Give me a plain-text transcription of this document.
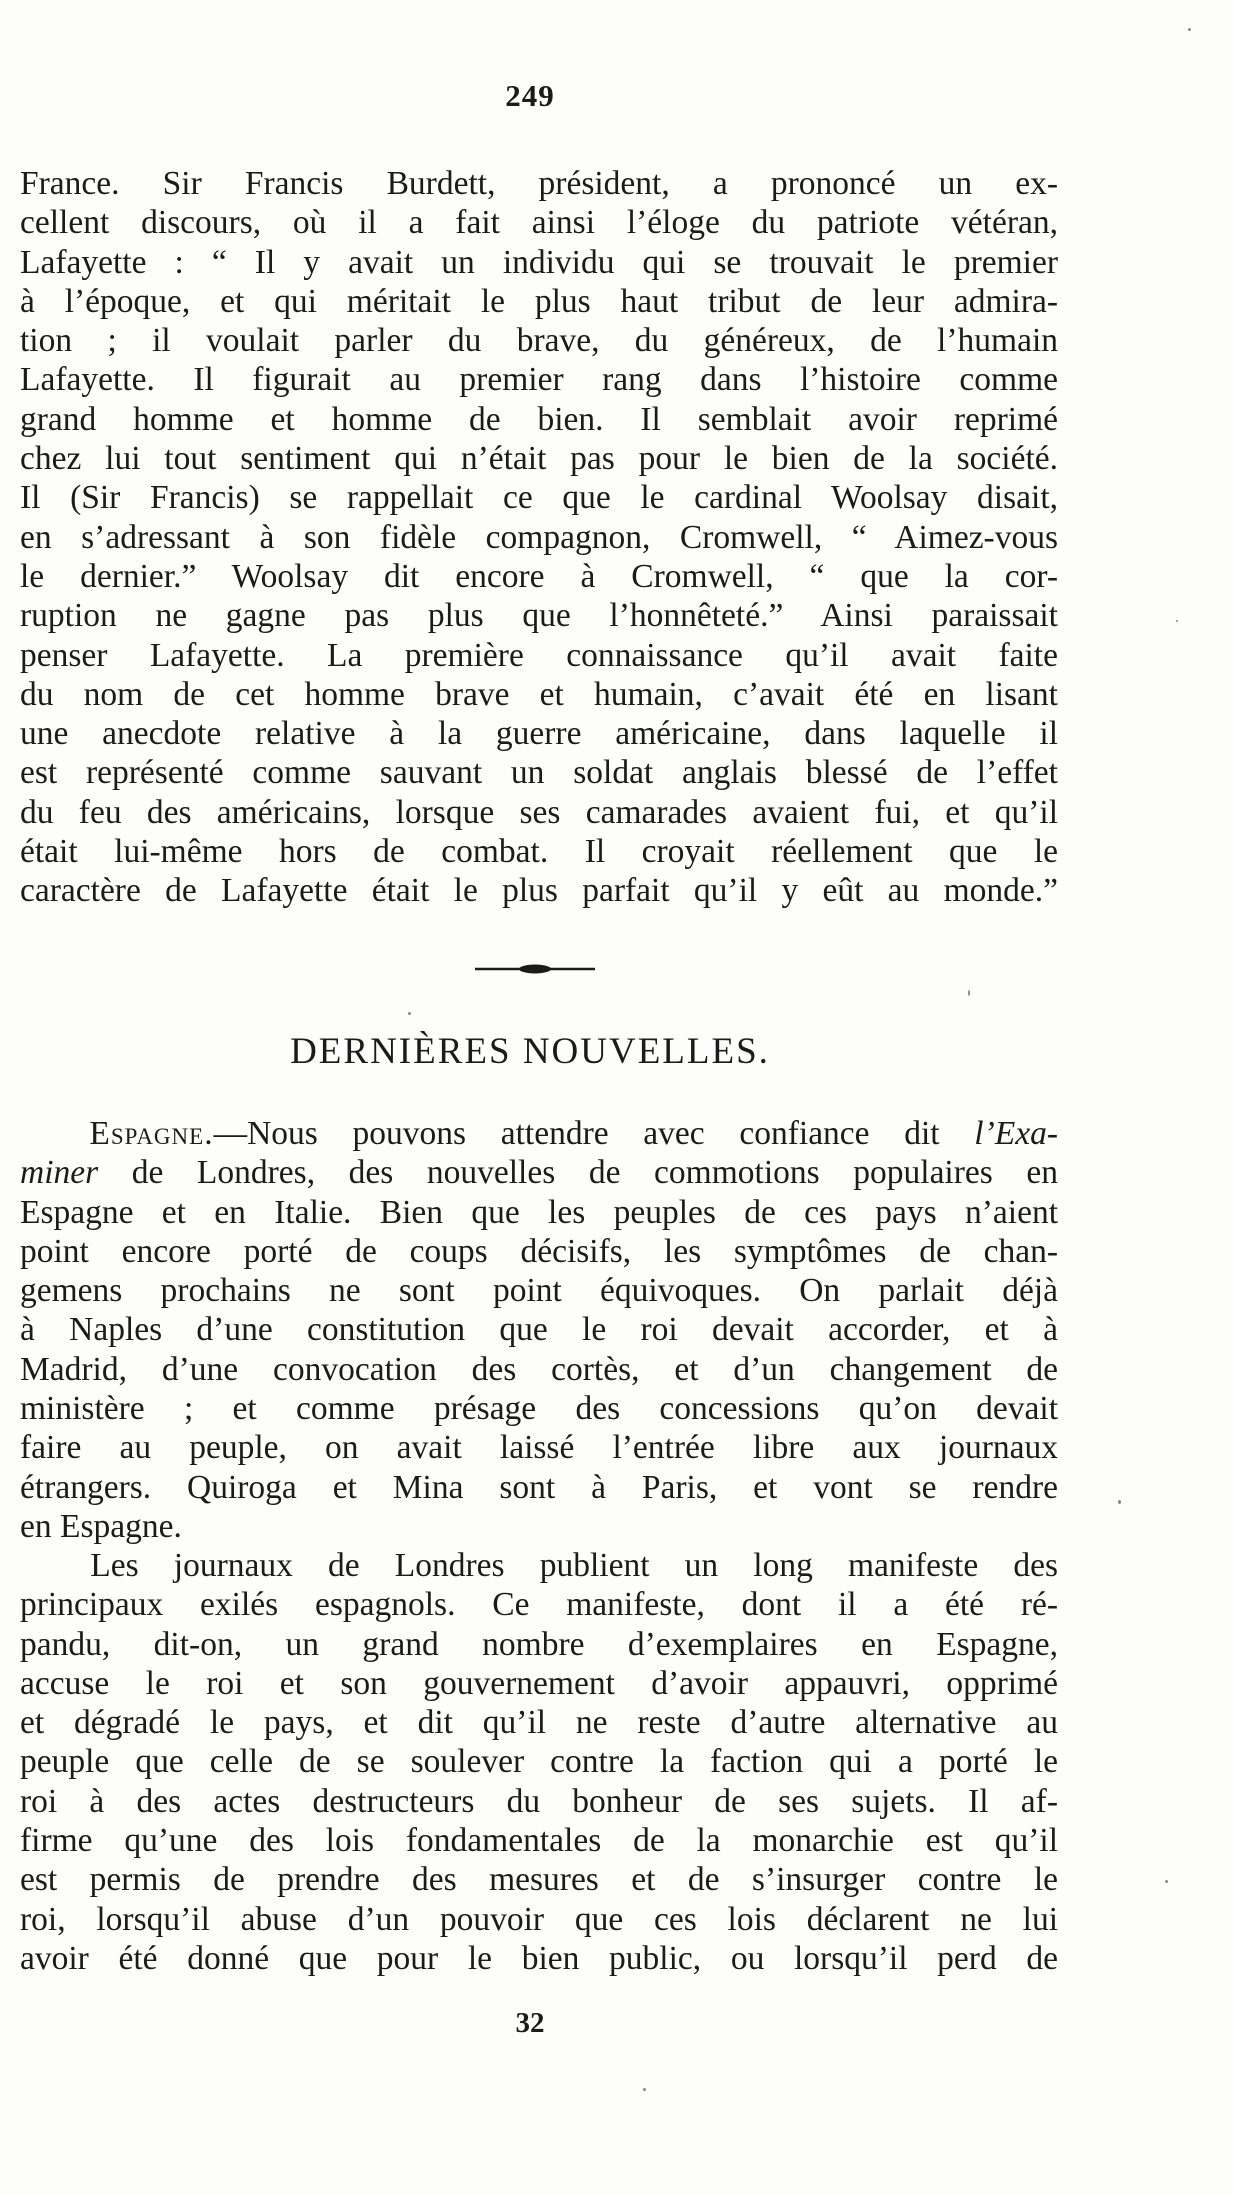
249
France. Sir Francis Burdett, président, a prononcé un ex-
cellent discours, où il a fait ainsi l’éloge du patriote vétéran,
Lafayette : “ Il y avait un individu qui se trouvait le premier
à l’époque, et qui méritait le plus haut tribut de leur admira-
tion ; il voulait parler du brave, du généreux, de l’humain
Lafayette. Il figurait au premier rang dans l’histoire comme
grand homme et homme de bien. Il semblait avoir reprimé
chez lui tout sentiment qui n’était pas pour le bien de la société.
Il (Sir Francis) se rappellait ce que le cardinal Woolsay disait,
en s’adressant à son fidèle compagnon, Cromwell, “ Aimez-vous
le dernier.” Woolsay dit encore à Cromwell, “ que la cor-
ruption ne gagne pas plus que l’honnêteté.” Ainsi paraissait
penser Lafayette. La première connaissance qu’il avait faite
du nom de cet homme brave et humain, c’avait été en lisant
une anecdote relative à la guerre américaine, dans laquelle il
est représenté comme sauvant un soldat anglais blessé de l’effet
du feu des américains, lorsque ses camarades avaient fui, et qu’il
était lui-même hors de combat. Il croyait réellement que le
caractère de Lafayette était le plus parfait qu’il y eût au monde.”
DERNIÈRES NOUVELLES.
Espagne.—Nous pouvons attendre avec confiance dit l’Exa-
miner de Londres, des nouvelles de commotions populaires en
Espagne et en Italie. Bien que les peuples de ces pays n’aient
point encore porté de coups décisifs, les symptômes de chan-
gemens prochains ne sont point équivoques. On parlait déjà
à Naples d’une constitution que le roi devait accorder, et à
Madrid, d’une convocation des cortès, et d’un changement de
ministère ; et comme présage des concessions qu’on devait
faire au peuple, on avait laissé l’entrée libre aux journaux
étrangers. Quiroga et Mina sont à Paris, et vont se rendre
en Espagne.
Les journaux de Londres publient un long manifeste des
principaux exilés espagnols. Ce manifeste, dont il a été ré-
pandu, dit-on, un grand nombre d’exemplaires en Espagne,
accuse le roi et son gouvernement d’avoir appauvri, opprimé
et dégradé le pays, et dit qu’il ne reste d’autre alternative au
peuple que celle de se soulever contre la faction qui a porté le
roi à des actes destructeurs du bonheur de ses sujets. Il af-
firme qu’une des lois fondamentales de la monarchie est qu’il
est permis de prendre des mesures et de s’insurger contre le
roi, lorsqu’il abuse d’un pouvoir que ces lois déclarent ne lui
avoir été donné que pour le bien public, ou lorsqu’il perd de
32
